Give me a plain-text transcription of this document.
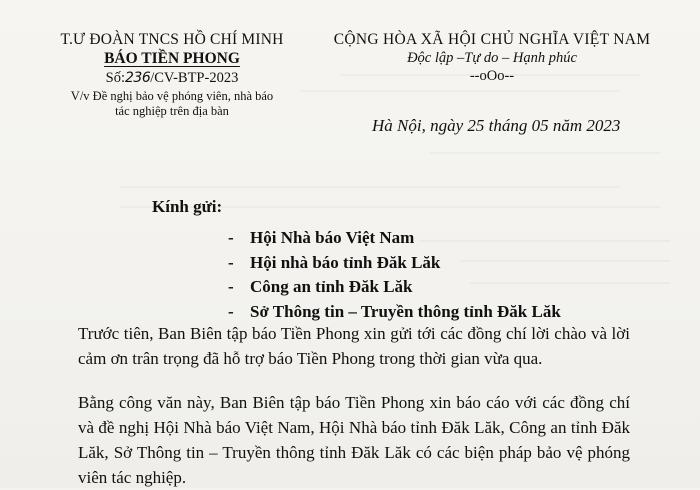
T.Ư ĐOÀN TNCS HỒ CHÍ MINH
BÁO TIỀN PHONG
Số:236/CV-BTP-2023
V/v Đề nghị bảo vệ phóng viên, nhà báo
tác nghiệp trên địa bàn
CỘNG HÒA XÃ HỘI CHỦ NGHĨA VIỆT NAM
Độc lập –Tự do – Hạnh phúc
--oOo--
Hà Nội, ngày 25 tháng 05 năm 2023
Kính gửi:
- Hội Nhà báo Việt Nam
- Hội nhà báo tỉnh Đăk Lăk
- Công an tỉnh Đăk Lăk
- Sở Thông tin – Truyền thông tỉnh Đăk Lăk
Trước tiên, Ban Biên tập báo Tiền Phong xin gửi tới các đồng chí lời chào và lời
cảm ơn trân trọng đã hỗ trợ báo Tiền Phong trong thời gian vừa qua.
Bằng công văn này, Ban Biên tập báo Tiền Phong xin báo cáo với các đồng chí
và đề nghị Hội Nhà báo Việt Nam, Hội Nhà báo tỉnh Đăk Lăk, Công an tỉnh Đăk
Lăk, Sở Thông tin – Truyền thông tỉnh Đăk Lăk có các biện pháp bảo vệ phóng
viên tác nghiệp.
